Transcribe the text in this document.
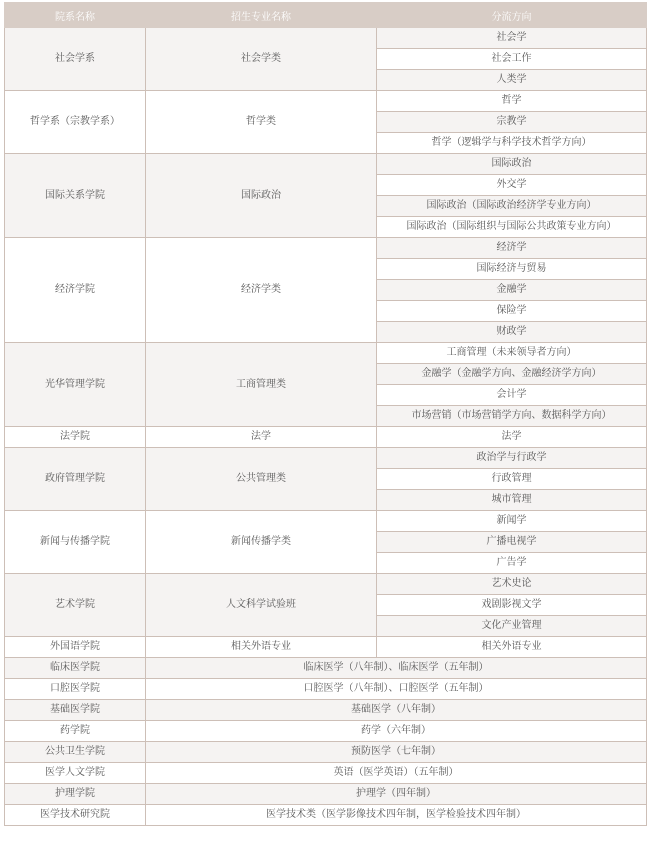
院系名称	招生专业名称	分流方向
社会学系	社会学类	社会学
		社会工作
		人类学
哲学系（宗教学系）	哲学类	哲学
		宗教学
		哲学（逻辑学与科学技术哲学方向）
国际关系学院	国际政治	国际政治
		外交学
		国际政治（国际政治经济学专业方向）
		国际政治（国际组织与国际公共政策专业方向）
经济学院	经济学类	经济学
		国际经济与贸易
		金融学
		保险学
		财政学
光华管理学院	工商管理类	工商管理（未来领导者方向）
		金融学（金融学方向、金融经济学方向）
		会计学
		市场营销（市场营销学方向、数据科学方向）
法学院	法学	法学
政府管理学院	公共管理类	政治学与行政学
		行政管理
		城市管理
新闻与传播学院	新闻传播学类	新闻学
		广播电视学
		广告学
艺术学院	人文科学试验班	艺术史论
		戏剧影视文学
		文化产业管理
外国语学院	相关外语专业	相关外语专业
临床医学院	临床医学（八年制）、临床医学（五年制）	
口腔医学院	口腔医学（八年制）、口腔医学（五年制）	
基础医学院	基础医学（八年制）	
药学院	药学（六年制）	
公共卫生学院	预防医学（七年制）	
医学人文学院	英语（医学英语）（五年制）	
护理学院	护理学（四年制）	
医学技术研究院	医学技术类（医学影像技术四年制，医学检验技术四年制）	
